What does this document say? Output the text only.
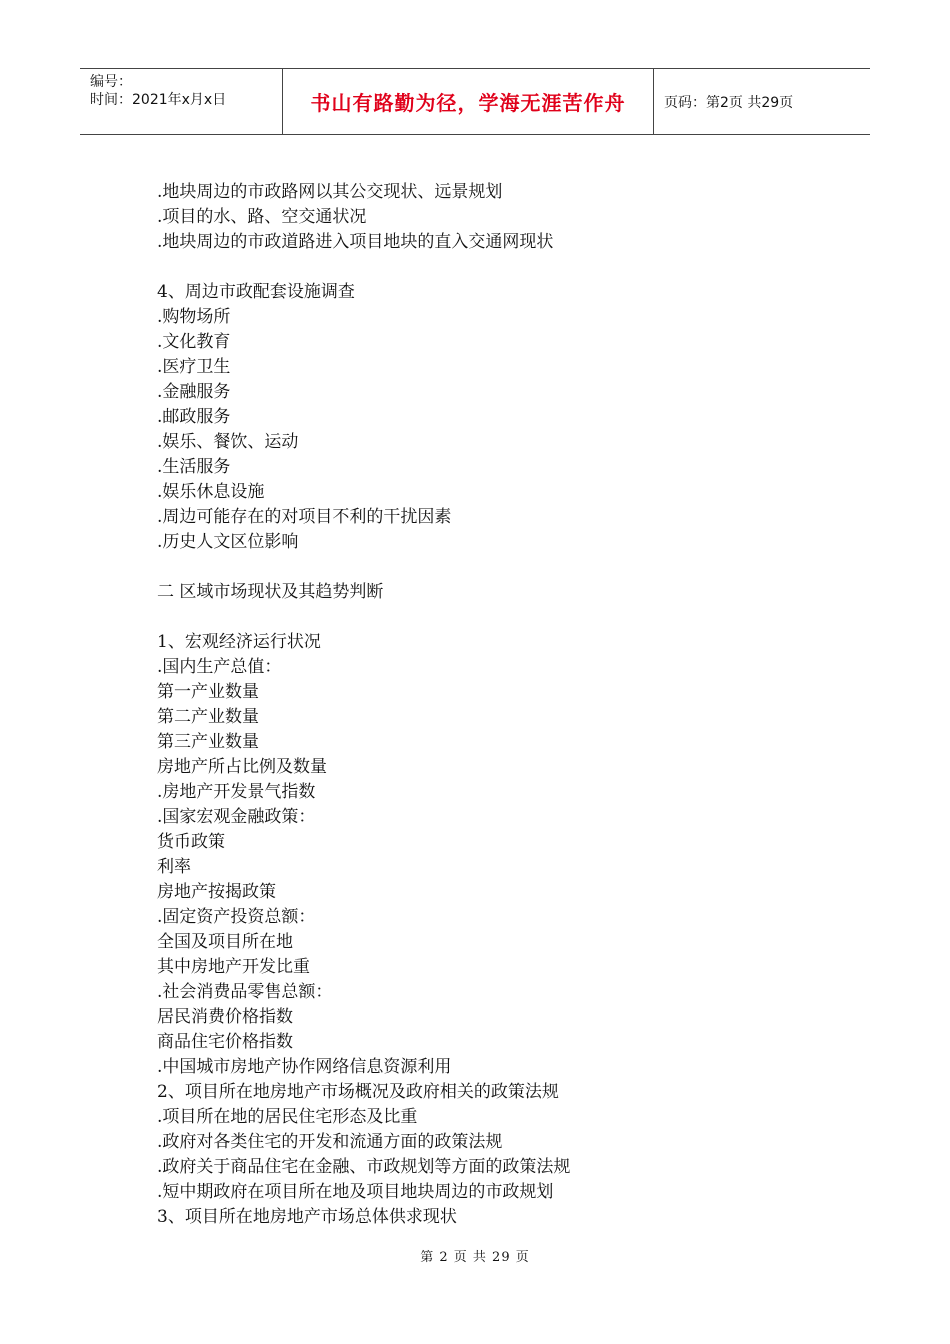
编号：
时间：2021年x月x日	书山有路勤为径，学海无涯苦作舟	页码：第2页 共29页
.地块周边的市政路网以其公交现状、远景规划
.项目的水、路、空交通状况
.地块周边的市政道路进入项目地块的直入交通网现状
4、周边市政配套设施调查
.购物场所
.文化教育
.医疗卫生
.金融服务
.邮政服务
.娱乐、餐饮、运动
.生活服务
.娱乐休息设施
.周边可能存在的对项目不利的干扰因素
.历史人文区位影响
二 区域市场现状及其趋势判断
1、宏观经济运行状况
.国内生产总值：
第一产业数量
第二产业数量
第三产业数量
房地产所占比例及数量
.房地产开发景气指数
.国家宏观金融政策：
货币政策
利率
房地产按揭政策
.固定资产投资总额：
全国及项目所在地
其中房地产开发比重
.社会消费品零售总额：
居民消费价格指数
商品住宅价格指数
.中国城市房地产协作网络信息资源利用
2、项目所在地房地产市场概况及政府相关的政策法规
.项目所在地的居民住宅形态及比重
.政府对各类住宅的开发和流通方面的政策法规
.政府关于商品住宅在金融、市政规划等方面的政策法规
.短中期政府在项目所在地及项目地块周边的市政规划
3、项目所在地房地产市场总体供求现状
第 2 页 共 29 页
